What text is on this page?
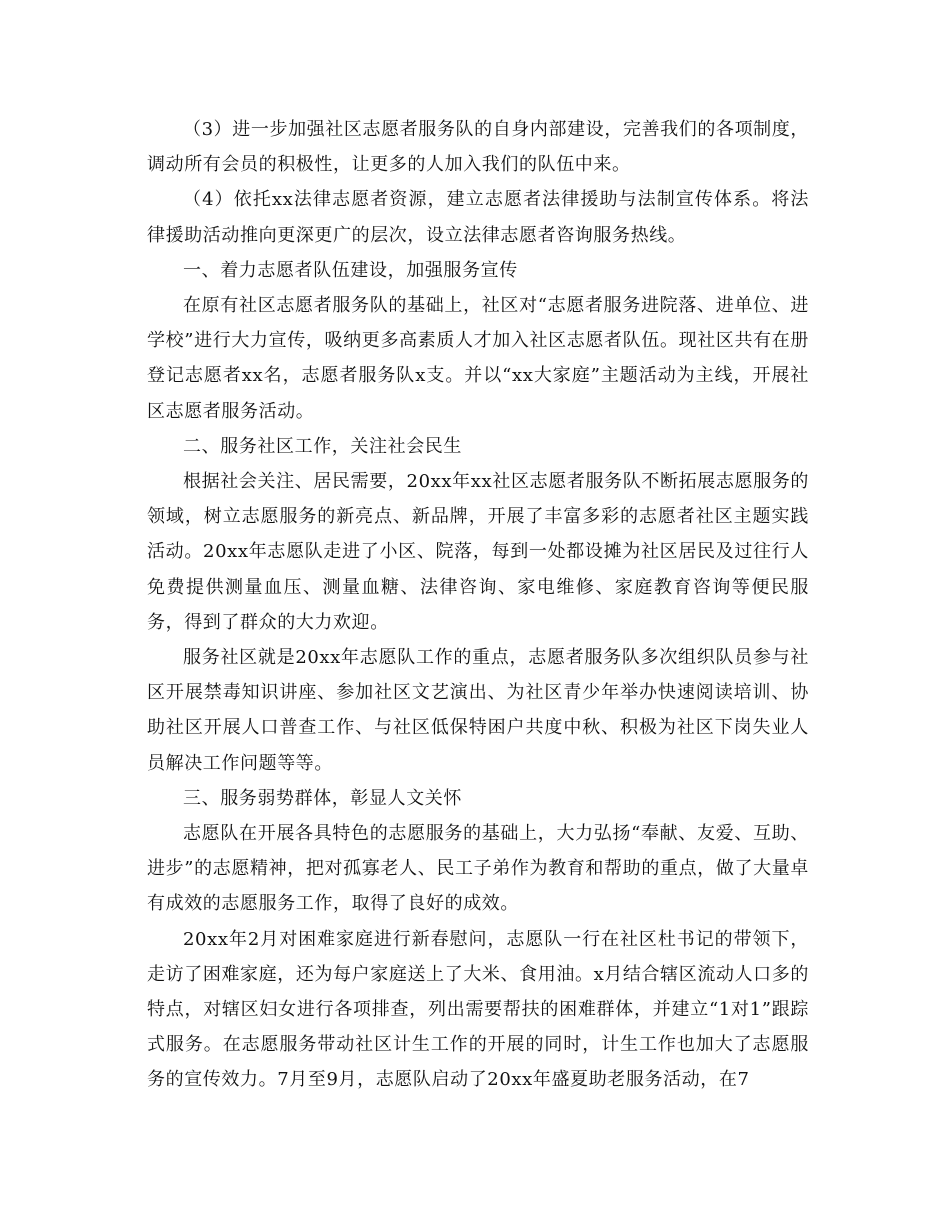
（3）进一步加强社区志愿者服务队的自身内部建设，完善我们的各项制度，调动所有会员的积极性，让更多的人加入我们的队伍中来。

（4）依托xx法律志愿者资源，建立志愿者法律援助与法制宣传体系。将法律援助活动推向更深更广的层次，设立法律志愿者咨询服务热线。

一、着力志愿者队伍建设，加强服务宣传

在原有社区志愿者服务队的基础上，社区对“志愿者服务进院落、进单位、进学校”进行大力宣传，吸纳更多高素质人才加入社区志愿者队伍。现社区共有在册登记志愿者xx名，志愿者服务队x支。并以“xx大家庭”主题活动为主线，开展社区志愿者服务活动。

二、服务社区工作，关注社会民生

根据社会关注、居民需要，20xx年xx社区志愿者服务队不断拓展志愿服务的领域，树立志愿服务的新亮点、新品牌，开展了丰富多彩的志愿者社区主题实践活动。20xx年志愿队走进了小区、院落，每到一处都设摊为社区居民及过往行人免费提供测量血压、测量血糖、法律咨询、家电维修、家庭教育咨询等便民服务，得到了群众的大力欢迎。

服务社区就是20xx年志愿队工作的重点，志愿者服务队多次组织队员参与社区开展禁毒知识讲座、参加社区文艺演出、为社区青少年举办快速阅读培训、协助社区开展人口普查工作、与社区低保特困户共度中秋、积极为社区下岗失业人员解决工作问题等等。

三、服务弱势群体，彰显人文关怀

志愿队在开展各具特色的志愿服务的基础上，大力弘扬“奉献、友爱、互助、进步”的志愿精神，把对孤寡老人、民工子弟作为教育和帮助的重点，做了大量卓有成效的志愿服务工作，取得了良好的成效。

20xx年2月对困难家庭进行新春慰问，志愿队一行在社区杜书记的带领下，走访了困难家庭，还为每户家庭送上了大米、食用油。x月结合辖区流动人口多的特点，对辖区妇女进行各项排查，列出需要帮扶的困难群体，并建立“1对1”跟踪式服务。在志愿服务带动社区计生工作的开展的同时，计生工作也加大了志愿服务的宣传效力。7月至9月，志愿队启动了20xx年盛夏助老服务活动，在7
